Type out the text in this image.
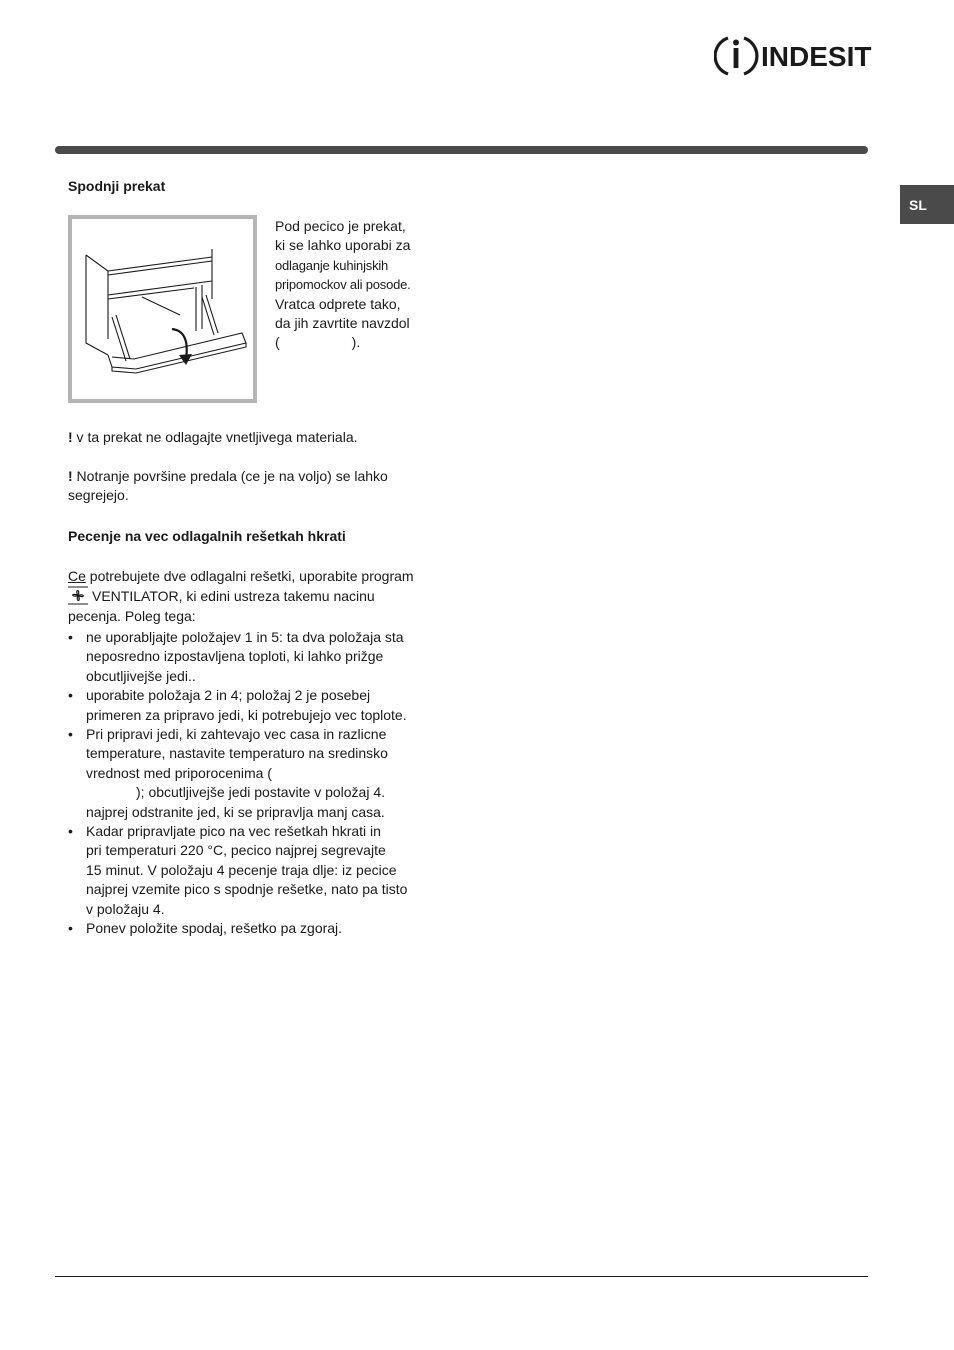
INDESIT
SL
Spodnji prekat
Pod pecico je prekat,
ki se lahko uporabi za
odlaganje kuhinjskih
pripomockov ali posode.
Vratca odprete tako,
da jih zavrtite navzdol
(	).
! v ta prekat ne odlagajte vnetljivega materiala.
! Notranje površine predala (ce je na voljo) se lahko
segrejejo.
Pecenje na vec odlagalnih rešetkah hkrati
Ce potrebujete dve odlagalni rešetki, uporabite program
VENTILATOR, ki edini ustreza takemu nacinu
pecenja. Poleg tega:
• ne uporabljajte položajev 1 in 5: ta dva položaja sta
neposredno izpostavljena toploti, ki lahko prižge
obcutljivejše jedi..
• uporabite položaja 2 in 4; položaj 2 je posebej
primeren za pripravo jedi, ki potrebujejo vec toplote.
• Pri pripravi jedi, ki zahtevajo vec casa in razlicne
temperature, nastavite temperaturo na sredinsko
vrednost med priporocenima (
); obcutljivejše jedi postavite v položaj 4.
najprej odstranite jed, ki se pripravlja manj casa.
• Kadar pripravljate pico na vec rešetkah hkrati in
pri temperaturi 220 °C, pecico najprej segrevajte
15 minut. V položaju 4 pecenje traja dlje: iz pecice
najprej vzemite pico s spodnje rešetke, nato pa tisto
v položaju 4.
• Ponev položite spodaj, rešetko pa zgoraj.
